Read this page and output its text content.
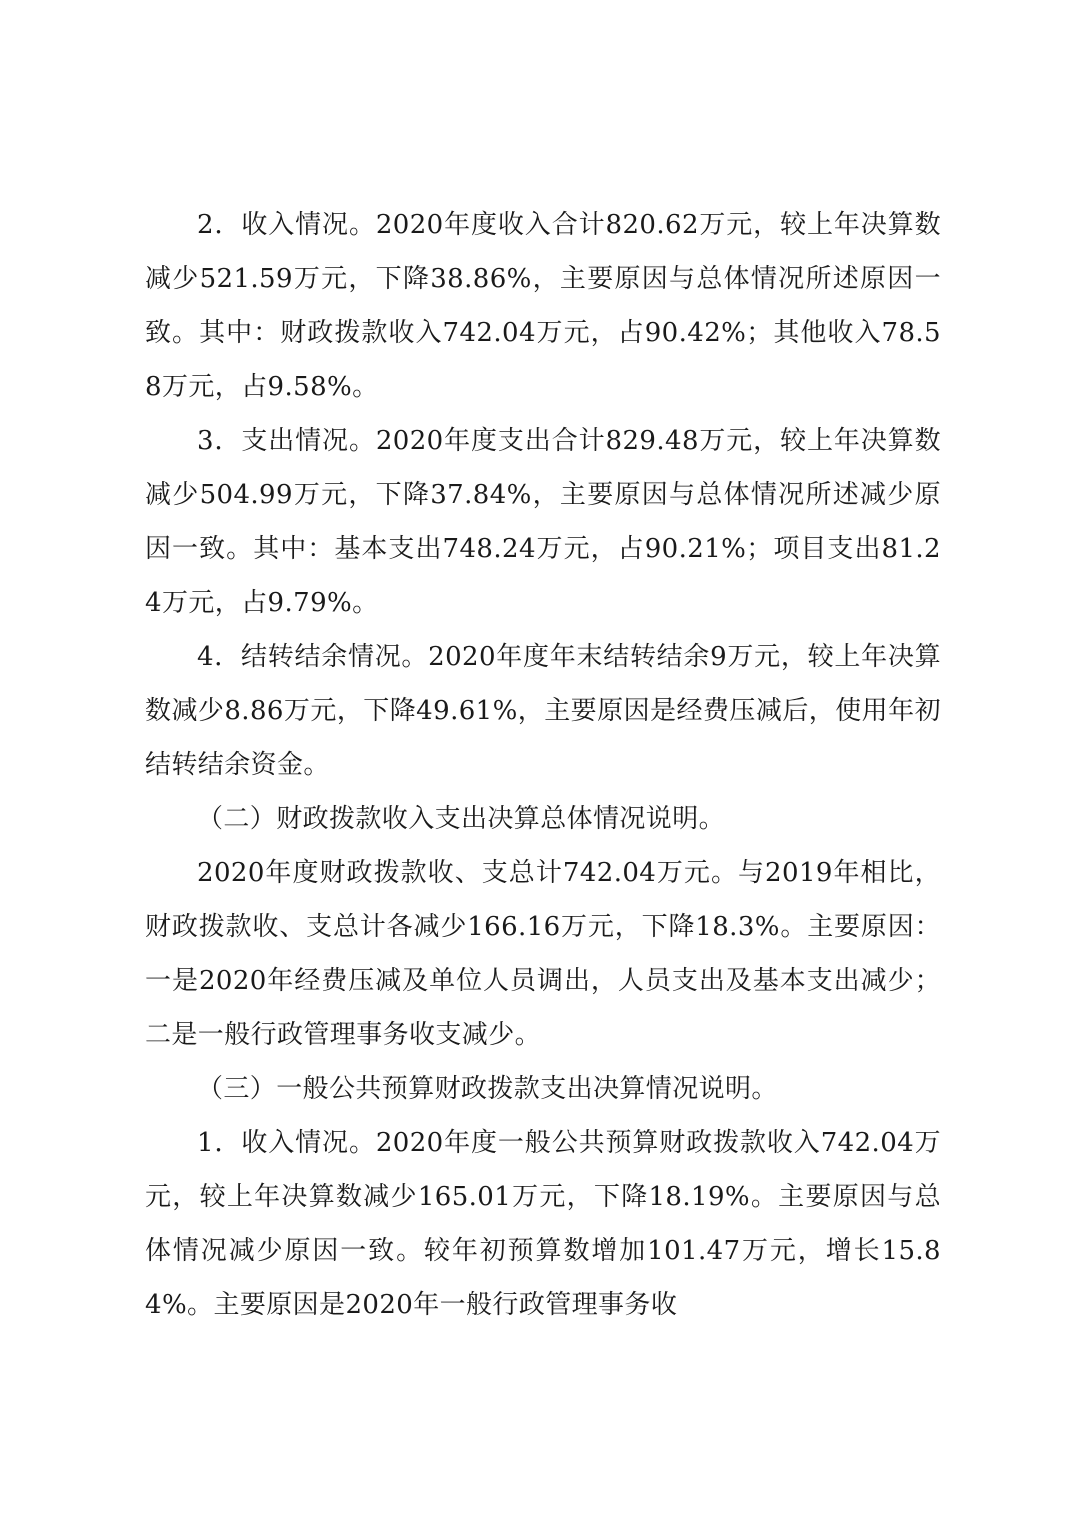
2．收入情况。2020年度收入合计820.62万元，较上年决算数减少521.59万元，下降38.86%，主要原因与总体情况所述原因一致。其中：财政拨款收入742.04万元，占90.42%；其他收入78.58万元，占9.58%。

3．支出情况。2020年度支出合计829.48万元，较上年决算数减少504.99万元，下降37.84%，主要原因与总体情况所述减少原因一致。其中：基本支出748.24万元，占90.21%；项目支出81.24万元，占9.79%。

4．结转结余情况。2020年度年末结转结余9万元，较上年决算数减少8.86万元，下降49.61%，主要原因是经费压减后，使用年初结转结余资金。

（二）财政拨款收入支出决算总体情况说明。

2020年度财政拨款收、支总计742.04万元。与2019年相比，财政拨款收、支总计各减少166.16万元，下降18.3%。主要原因：一是2020年经费压减及单位人员调出，人员支出及基本支出减少；二是一般行政管理事务收支减少。

（三）一般公共预算财政拨款支出决算情况说明。

1．收入情况。2020年度一般公共预算财政拨款收入742.04万元，较上年决算数减少165.01万元，下降18.19%。主要原因与总体情况减少原因一致。较年初预算数增加101.47万元，增长15.84%。主要原因是2020年一般行政管理事务收
